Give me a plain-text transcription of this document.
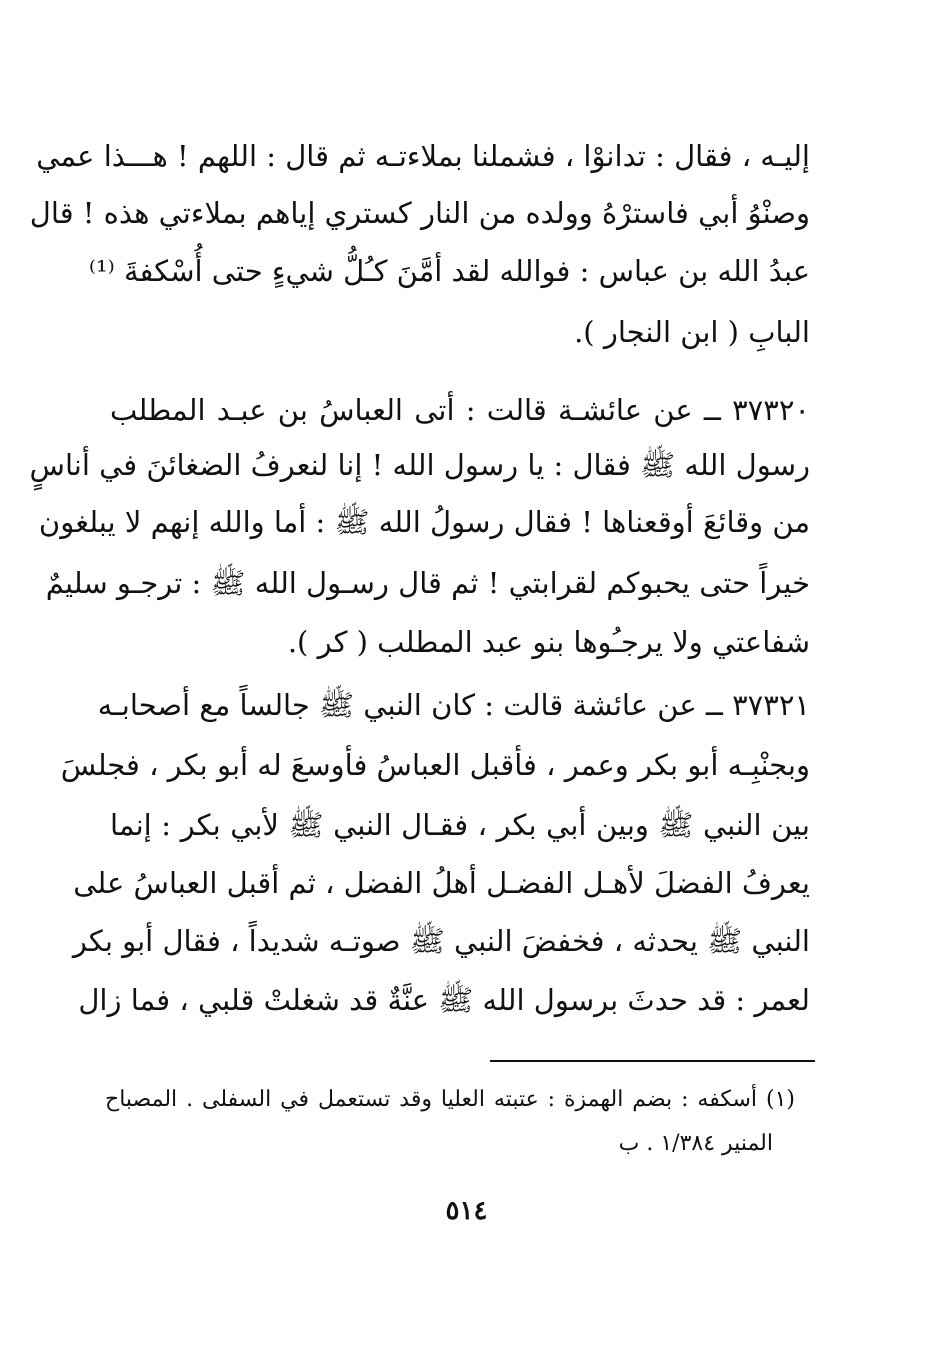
إليـه ، فقال : تدانوْا ، فشملنا بملاءتـه ثم قال : اللهم ! هـــذا عمي
وصنْوُ أبي فاسترْهُ وولده من النار كستري إياهم بملاءتي هذه ! قال
عبدُ الله بن عباس : فوالله لقد أمَّنَ كـُلُّ شيءٍ حتى أُسْكفةَ ⁽¹⁾
البابِ ( ابن النجار ).
٣٧٣٢٠ ــ عن عائشـة قالت : أتى العباسُ بن عبـد المطلب
رسول الله ﷺ فقال : يا رسول الله ! إنا لنعرفُ الضغائنَ في أناسٍ
من وقائعَ أوقعناها ! فقال رسولُ الله ﷺ : أما والله إنهم لا يبلغون
خيراً حتى يحبوكم لقرابتي ! ثم قال رسـول الله ﷺ : ترجـو سليمٌ
شفاعتي ولا يرجـُوها بنو عبد المطلب ( كر ).
٣٧٣٢١ ــ عن عائشة قالت : كان النبي ﷺ جالساً مع أصحابـه
وبجنْبِـه أبو بكر وعمر ، فأقبل العباسُ فأوسعَ له أبو بكر ، فجلسَ
بين النبي ﷺ وبين أبي بكر ، فقـال النبي ﷺ لأبي بكر : إنما
يعرفُ الفضلَ لأهـل الفضـل أهلُ الفضل ، ثم أقبل العباسُ على
النبي ﷺ يحدثه ، فخفضَ النبي ﷺ صوتـه شديداً ، فقال أبو بكر
لعمر : قد حدثَ برسول الله ﷺ عنَّةٌ قد شغلتْ قلبي ، فما زال
(١) أسكفه : بضم الهمزة : عتبته العليا وقد تستعمل في السفلى . المصباح
المنير ١/٣٨٤ . ب
٥١٤
